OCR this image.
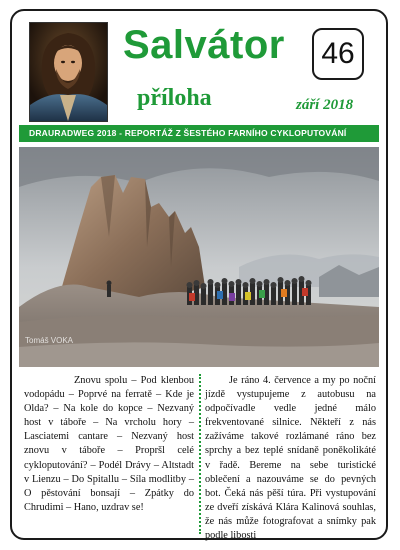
Salvátor	46
příloha	září 2018
DRAURADWEG 2018 - REPORTÁŽ Z ŠESTÉHO FARNÍHO CYKLOPUTOVÁNÍ
Tomáš VOKA
Znovu spolu – Pod klenbou vodopádu – Poprvé na ferratě – Kde je Olda? – Na kole do kopce – Nezvaný host v táboře – Na vrcholu hory – Lasciatemi cantare – Nezvaný host znovu v táboře – Propršl celé cykloputování? – Podél Drávy – Altstadt v Lienzu – Do Spitallu – Síla modlitby – O pěstování bonsají – Zpátky do Chrudimi – Hano, uzdrav se!
Je ráno 4. července a my po noční jízdě vystupujeme z autobusu na odpočívadle vedle jedné málo frekventované silnice. Někteří z nás zažíváme takové rozlámané ráno bez sprchy a bez teplé snídaně poněkolikáté v řadě. Bereme na sebe turistické oblečení a nazouváme se do pevných bot. Čeká nás pěší túra. Při vystupování ze dveří získává Klára Kalinová souhlas, že nás může fotografovat a snímky pak podle libosti
